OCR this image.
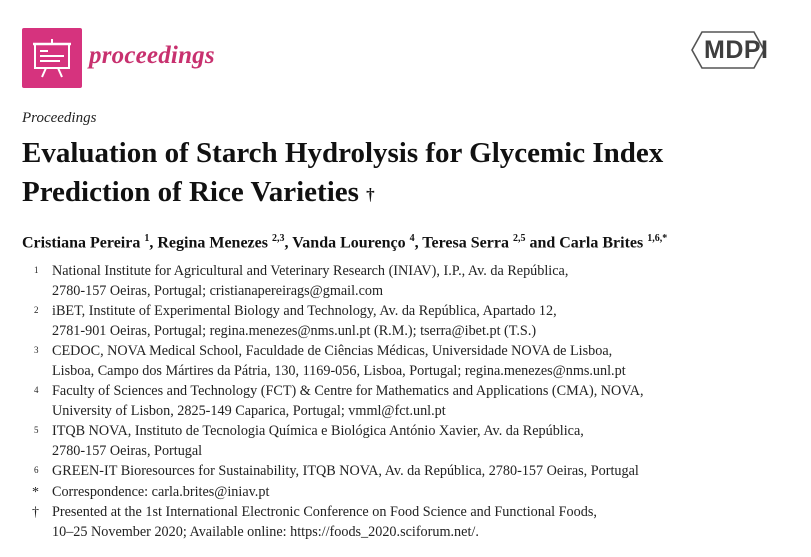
proceedings	MDPI
Proceedings
Evaluation of Starch Hydrolysis for Glycemic Index Prediction of Rice Varieties †
Cristiana Pereira $^1$, Regina Menezes $^{2,3}$, Vanda Lourenço $^4$, Teresa Serra $^{2,5}$ and Carla Brites $^{1,6,*}$
1 National Institute for Agricultural and Veterinary Research (INIAV), I.P., Av. da República,
2780-157 Oeiras, Portugal; cristianapereirags@gmail.com
2 iBET, Institute of Experimental Biology and Technology, Av. da República, Apartado 12,
2781-901 Oeiras, Portugal; regina.menezes@nms.unl.pt (R.M.); tserra@ibet.pt (T.S.)
3 CEDOC, NOVA Medical School, Faculdade de Ciências Médicas, Universidade NOVA de Lisboa,
Lisboa, Campo dos Mártires da Pátria, 130, 1169-056, Lisboa, Portugal; regina.menezes@nms.unl.pt
4 Faculty of Sciences and Technology (FCT) & Centre for Mathematics and Applications (CMA), NOVA,
University of Lisbon, 2825-149 Caparica, Portugal; vmml@fct.unl.pt
5 ITQB NOVA, Instituto de Tecnologia Química e Biológica António Xavier, Av. da República,
2780-157 Oeiras, Portugal
6 GREEN-IT Bioresources for Sustainability, ITQB NOVA, Av. da República, 2780-157 Oeiras, Portugal
* Correspondence: carla.brites@iniav.pt
† Presented at the 1st International Electronic Conference on Food Science and Functional Foods,
10–25 November 2020; Available online: https://foods_2020.sciforum.net/.
